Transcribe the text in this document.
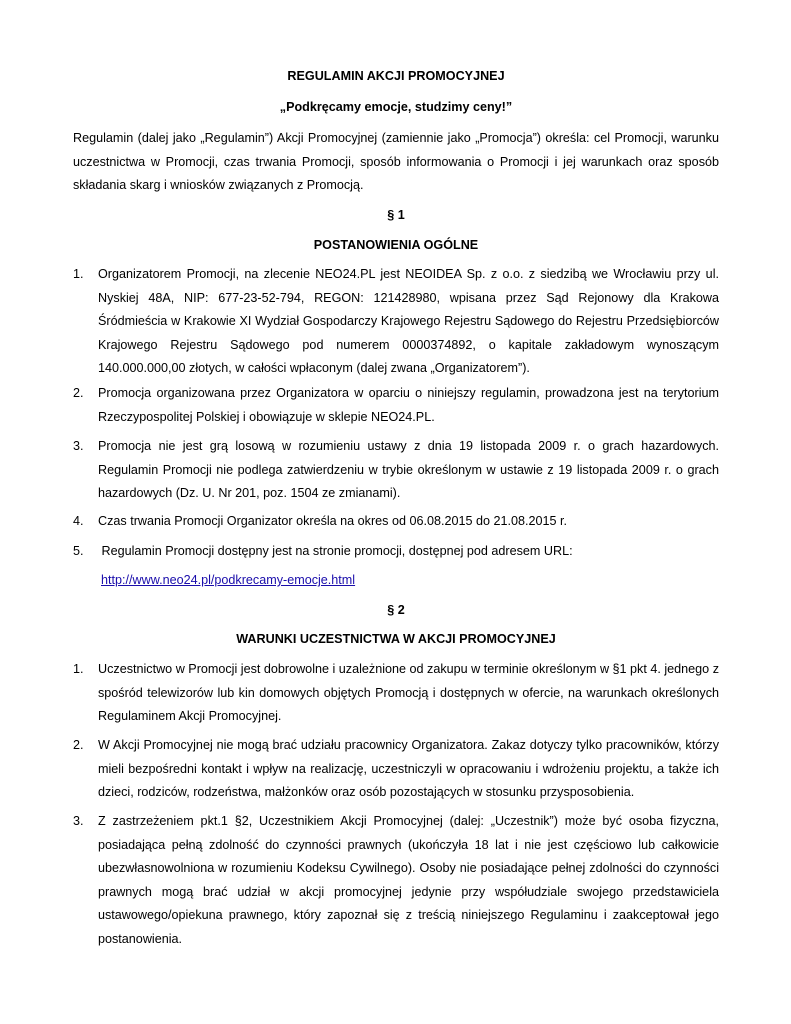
REGULAMIN AKCJI PROMOCYJNEJ
„Podkręcamy emocje, studzimy ceny!”
Regulamin (dalej jako „Regulamin”) Akcji Promocyjnej (zamiennie jako „Promocja”) określa: cel Promocji, warunku uczestnictwa w Promocji, czas trwania Promocji, sposób informowania o Promocji i jej warunkach oraz sposób składania skarg i wniosków związanych z Promocją.
§ 1
POSTANOWIENIA OGÓLNE
1.	Organizatorem Promocji, na zlecenie NEO24.PL jest NEOIDEA Sp. z o.o. z siedzibą we Wrocławiu przy ul. Nyskiej 48A, NIP: 677-23-52-794, REGON: 121428980, wpisana przez Sąd Rejonowy dla Krakowa Śródmieścia w Krakowie XI Wydział Gospodarczy Krajowego Rejestru Sądowego do Rejestru Przedsiębiorców Krajowego Rejestru Sądowego pod numerem 0000374892, o kapitale zakładowym wynoszącym 140.000.000,00 złotych, w całości wpłaconym (dalej zwana „Organizatorem”).
2.	Promocja organizowana przez Organizatora w oparciu o niniejszy regulamin, prowadzona jest na terytorium Rzeczypospolitej Polskiej i obowiązuje w sklepie NEO24.PL.
3.	Promocja nie jest grą losową w rozumieniu ustawy z dnia 19 listopada 2009 r. o grach hazardowych. Regulamin Promocji nie podlega zatwierdzeniu w trybie określonym w ustawie z 19 listopada 2009 r. o grach hazardowych (Dz. U. Nr 201, poz. 1504 ze zmianami).
4.	Czas trwania Promocji Organizator określa na okres od 06.08.2015 do 21.08.2015 r.
5.	Regulamin Promocji dostępny jest na stronie promocji, dostępnej pod adresem URL:
http://www.neo24.pl/podkrecamy-emocje.html
§ 2
WARUNKI UCZESTNICTWA W AKCJI PROMOCYJNEJ
1.	Uczestnictwo w Promocji jest dobrowolne i uzależnione od zakupu w terminie określonym w §1 pkt 4. jednego z spośród telewizorów lub kin domowych objętych Promocją i dostępnych w ofercie, na warunkach określonych Regulaminem Akcji Promocyjnej.
2.	W Akcji Promocyjnej nie mogą brać udziału pracownicy Organizatora. Zakaz dotyczy tylko pracowników, którzy mieli bezpośredni kontakt i wpływ na realizację, uczestniczyli w opracowaniu i wdrożeniu projektu, a także ich dzieci, rodziców, rodzeństwa, małżonków oraz osób pozostających w stosunku przysposobienia.
3.	Z zastrzeżeniem pkt.1 §2, Uczestnikiem Akcji Promocyjnej (dalej: „Uczestnik”) może być osoba fizyczna, posiadająca pełną zdolność do czynności prawnych (ukończyła 18 lat i nie jest częściowo lub całkowicie ubezwłasnowolniona w rozumieniu Kodeksu Cywilnego). Osoby nie posiadające pełnej zdolności do czynności prawnych mogą brać udział w akcji promocyjnej jedynie przy współudziale swojego przedstawiciela ustawowego/opiekuna prawnego, który zapoznał się z treścią niniejszego Regulaminu i zaakceptował jego postanowienia.
